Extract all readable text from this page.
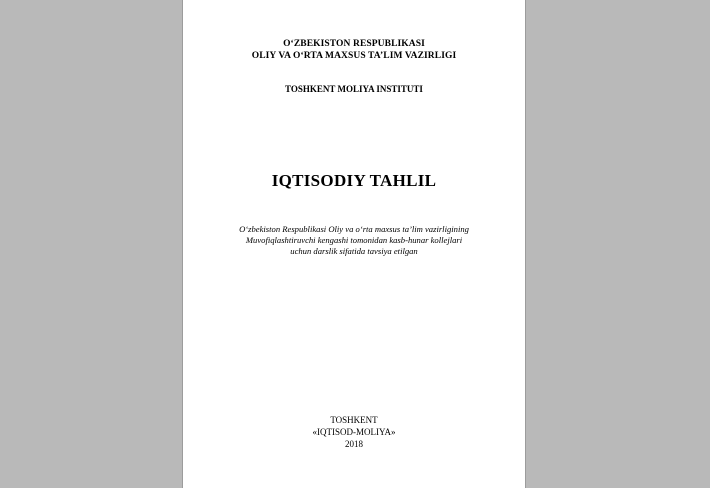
O‘ZBEKISTON RESPUBLIKASI

OLIY VA O‘RTA MAXSUS TA’LIM VAZIRLIGI

TOSHKENT MOLIYA INSTITUTI

IQTISODIY TAHLIL

O‘zbekiston Respublikasi Oliy va o‘rta maxsus ta’lim vazirligining

Muvofiqlashtiruvchi kengashi tomonidan kasb-hunar kollejlari

uchun darslik sifatida tavsiya etilgan

TOSHKENT

«IQTISOD-MOLIYA»

2018
